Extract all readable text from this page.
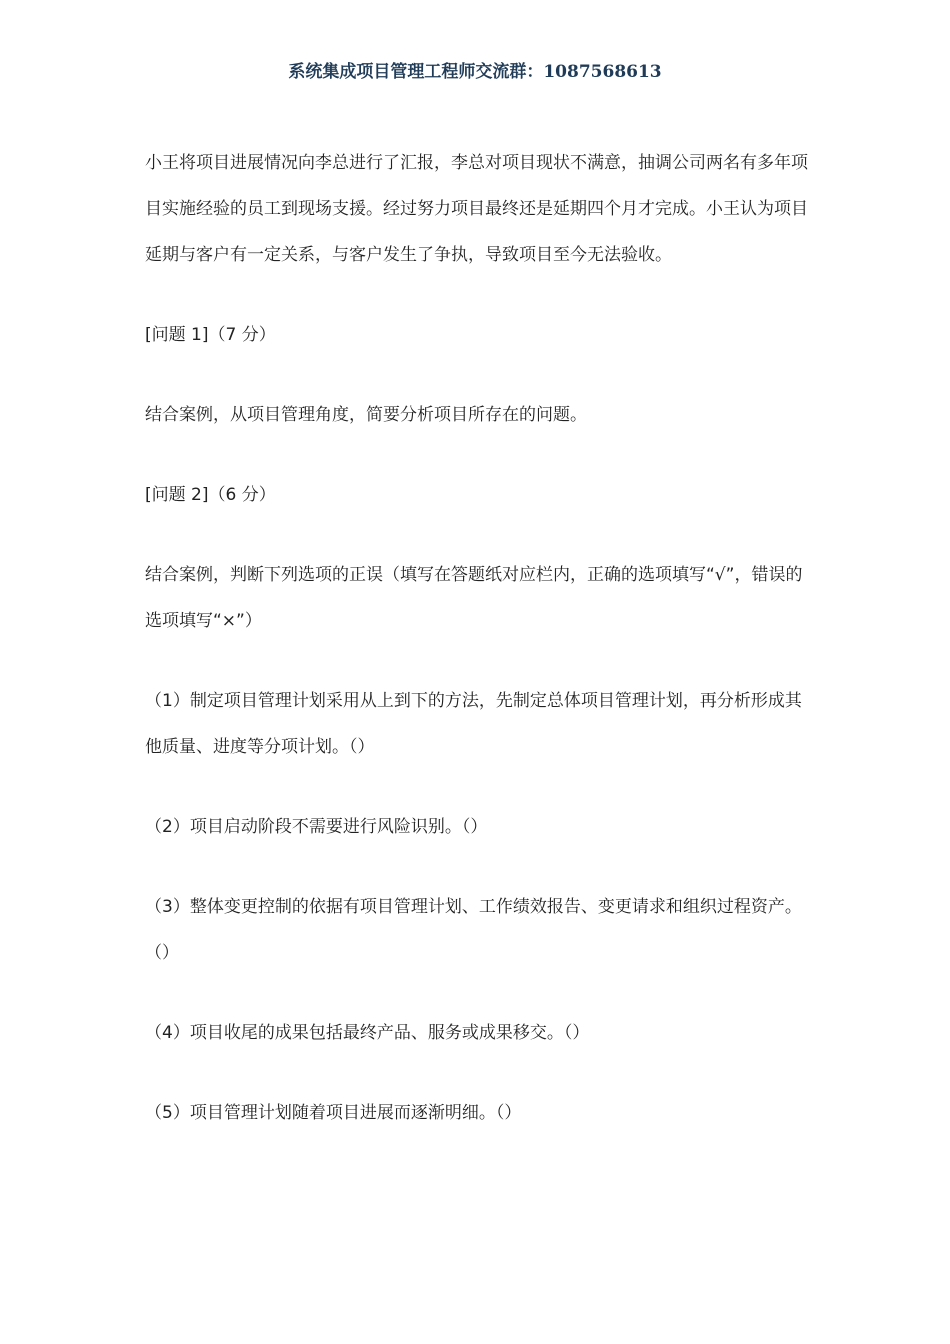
系统集成项目管理工程师交流群：1087568613

小王将项目进展情况向李总进行了汇报，李总对项目现状不满意，抽调公司两名有多年项目实施经验的员工到现场支援。经过努力项目最终还是延期四个月才完成。小王认为项目延期与客户有一定关系，与客户发生了争执，导致项目至今无法验收。

[问题 1]（7 分）

结合案例，从项目管理角度，简要分析项目所存在的问题。

[问题 2]（6 分）

结合案例，判断下列选项的正误（填写在答题纸对应栏内，正确的选项填写“√”，错误的选项填写“×”）

（1）制定项目管理计划采用从上到下的方法，先制定总体项目管理计划，再分析形成其他质量、进度等分项计划。（）

（2）项目启动阶段不需要进行风险识别。（）

（3）整体变更控制的依据有项目管理计划、工作绩效报告、变更请求和组织过程资产。（）

（4）项目收尾的成果包括最终产品、服务或成果移交。（）

（5）项目管理计划随着项目进展而逐渐明细。（）
